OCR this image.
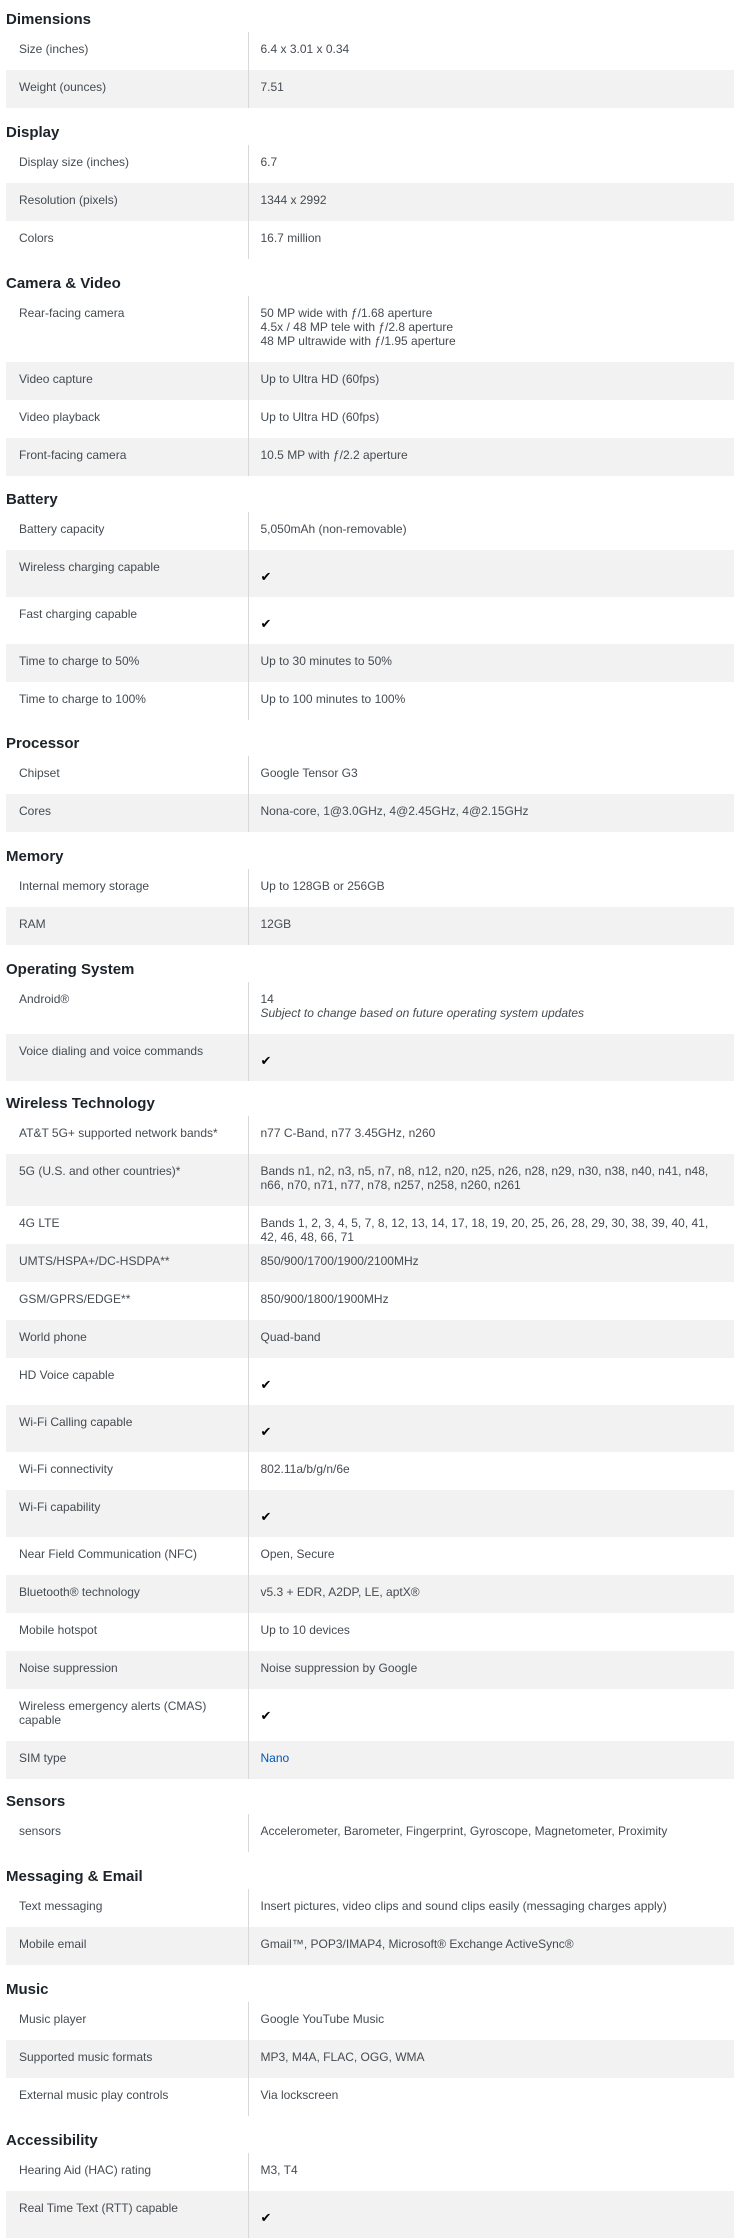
Dimensions
Size (inches)	6.4 x 3.01 x 0.34
Weight (ounces)	7.51
Display
Display size (inches)	6.7
Resolution (pixels)	1344 x 2992
Colors	16.7 million
Camera & Video
Rear-facing camera	50 MP wide with ƒ/1.68 aperture
4.5x / 48 MP tele with ƒ/2.8 aperture
48 MP ultrawide with ƒ/1.95 aperture

Video capture	Up to Ultra HD (60fps)
Video playback	Up to Ultra HD (60fps)
Front-facing camera	10.5 MP with ƒ/2.2 aperture
Battery
Battery capacity	5,050mAh (non-removable)
Wireless charging capable	✔
Fast charging capable	✔
Time to charge to 50%	Up to 30 minutes to 50%
Time to charge to 100%	Up to 100 minutes to 100%
Processor
Chipset	Google Tensor G3
Cores	Nona-core, 1@3.0GHz, 4@2.45GHz, 4@2.15GHz
Memory
Internal memory storage	Up to 128GB or 256GB
RAM	12GB
Operating System
Android®	14
Subject to change based on future operating system updates

Voice dialing and voice commands	✔
Wireless Technology
AT&T 5G+ supported network bands*	n77 C-Band, n77 3.45GHz, n260
5G (U.S. and other countries)*	Bands n1, n2, n3, n5, n7, n8, n12, n20, n25, n26, n28, n29, n30, n38, n40, n41, n48, n66, n70, n71, n77, n78, n257, n258, n260, n261
4G LTE	Bands 1, 2, 3, 4, 5, 7, 8, 12, 13, 14, 17, 18, 19, 20, 25, 26, 28, 29, 30, 38, 39, 40, 41, 42, 46, 48, 66, 71
UMTS/HSPA+/DC-HSDPA**	850/900/1700/1900/2100MHz
GSM/GPRS/EDGE**	850/900/1800/1900MHz
World phone	Quad-band
HD Voice capable	✔
Wi-Fi Calling capable	✔
Wi-Fi connectivity	802.11a/b/g/n/6e
Wi-Fi capability	✔
Near Field Communication (NFC)	Open, Secure
Bluetooth® technology	v5.3 + EDR, A2DP, LE, aptX®
Mobile hotspot	Up to 10 devices
Noise suppression	Noise suppression by Google
Wireless emergency alerts (CMAS) capable	✔
SIM type	Nano
Sensors
sensors	Accelerometer, Barometer, Fingerprint, Gyroscope, Magnetometer, Proximity
Messaging & Email
Text messaging	Insert pictures, video clips and sound clips easily (messaging charges apply)
Mobile email	Gmail™, POP3/IMAP4, Microsoft® Exchange ActiveSync®
Music
Music player	Google YouTube Music
Supported music formats	MP3, M4A, FLAC, OGG, WMA
External music play controls	Via lockscreen
Accessibility
Hearing Aid (HAC) rating	M3, T4
Real Time Text (RTT) capable	✔
